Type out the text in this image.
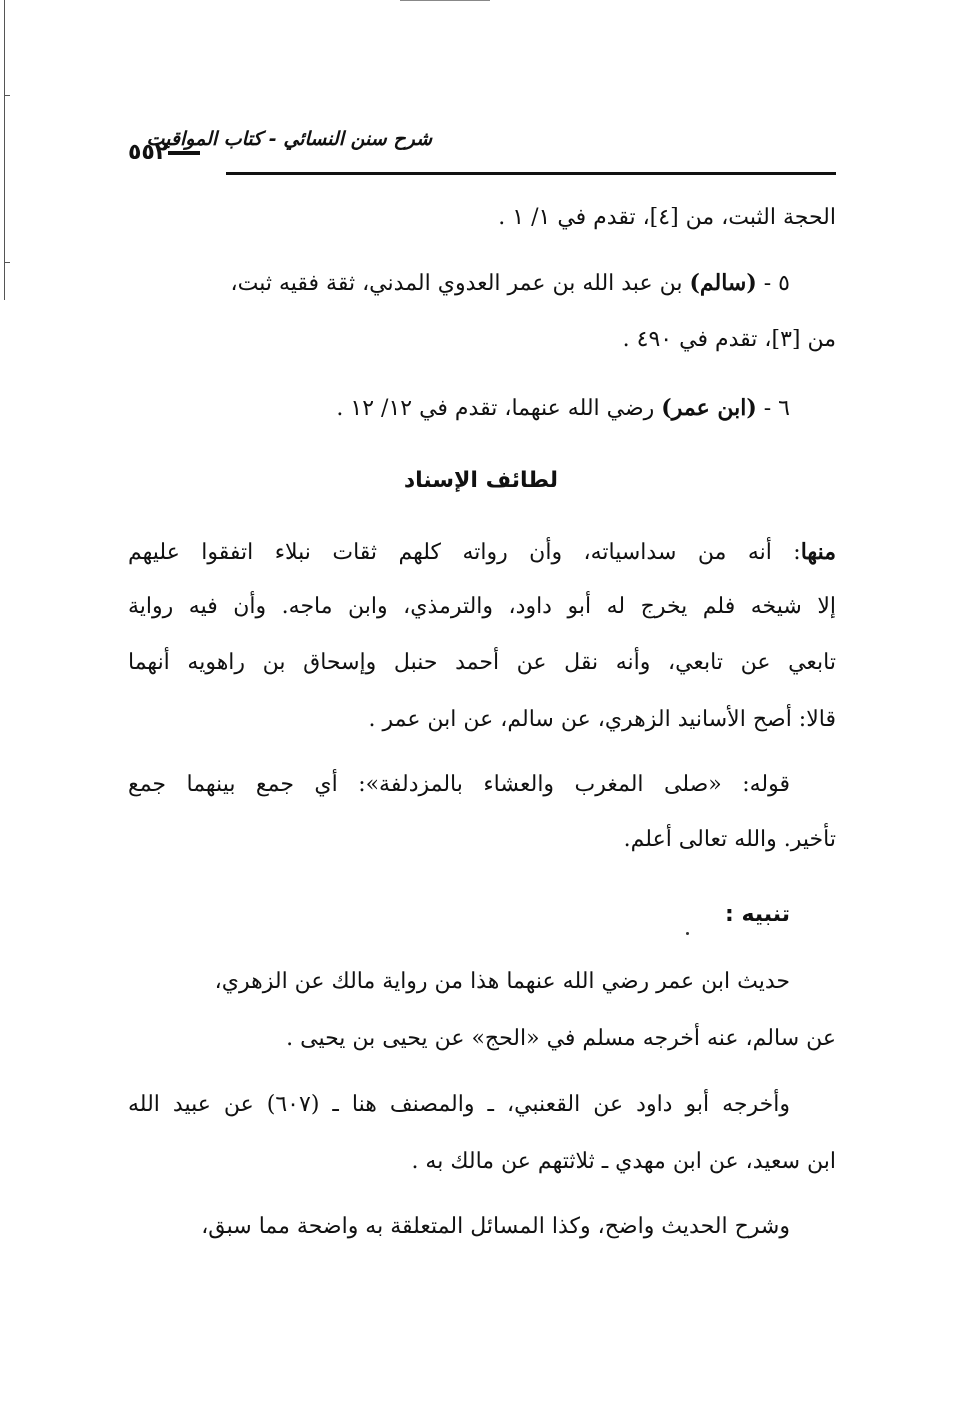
شرح سنن النسائي - كتاب المواقيت
٥٥٢
الحجة الثبت، من [٤]، تقدم في ١/ ١ .
٥ - (سالم) بن عبد الله بن عمر العدوي المدني، ثقة فقيه ثبت،
من [٣]، تقدم في ٤٩٠ .
٦ - (ابن عمر) رضي الله عنهما، تقدم في ١٢/ ١٢ .
لطائف الإسناد
منها: أنه من سداسياته، وأن رواته كلهم ثقات نبلاء اتفقوا عليهم
إلا شيخه فلم يخرج له أبو داود، والترمذي، وابن ماجه. وأن فيه رواية
تابعي عن تابعي، وأنه نقل عن أحمد حنبل وإسحاق بن راهويه أنهما
قالا: أصح الأسانيد الزهري، عن سالم، عن ابن عمر .
قوله: «صلى المغرب والعشاء بالمزدلفة»: أي جمع بينهما جمع
تأخير. والله تعالى أعلم.
تنبيه :
حديث ابن عمر رضي الله عنهما هذا من رواية مالك عن الزهري،
عن سالم، عنه أخرجه مسلم في «الحج» عن يحيى بن يحيى .
وأخرجه أبو داود عن القعنبي، ـ والمصنف هنا ـ (٦٠٧) عن عبيد الله
ابن سعيد، عن ابن مهدي ـ ثلاثتهم عن مالك به .
وشرح الحديث واضح، وكذا المسائل المتعلقة به واضحة مما سبق،
